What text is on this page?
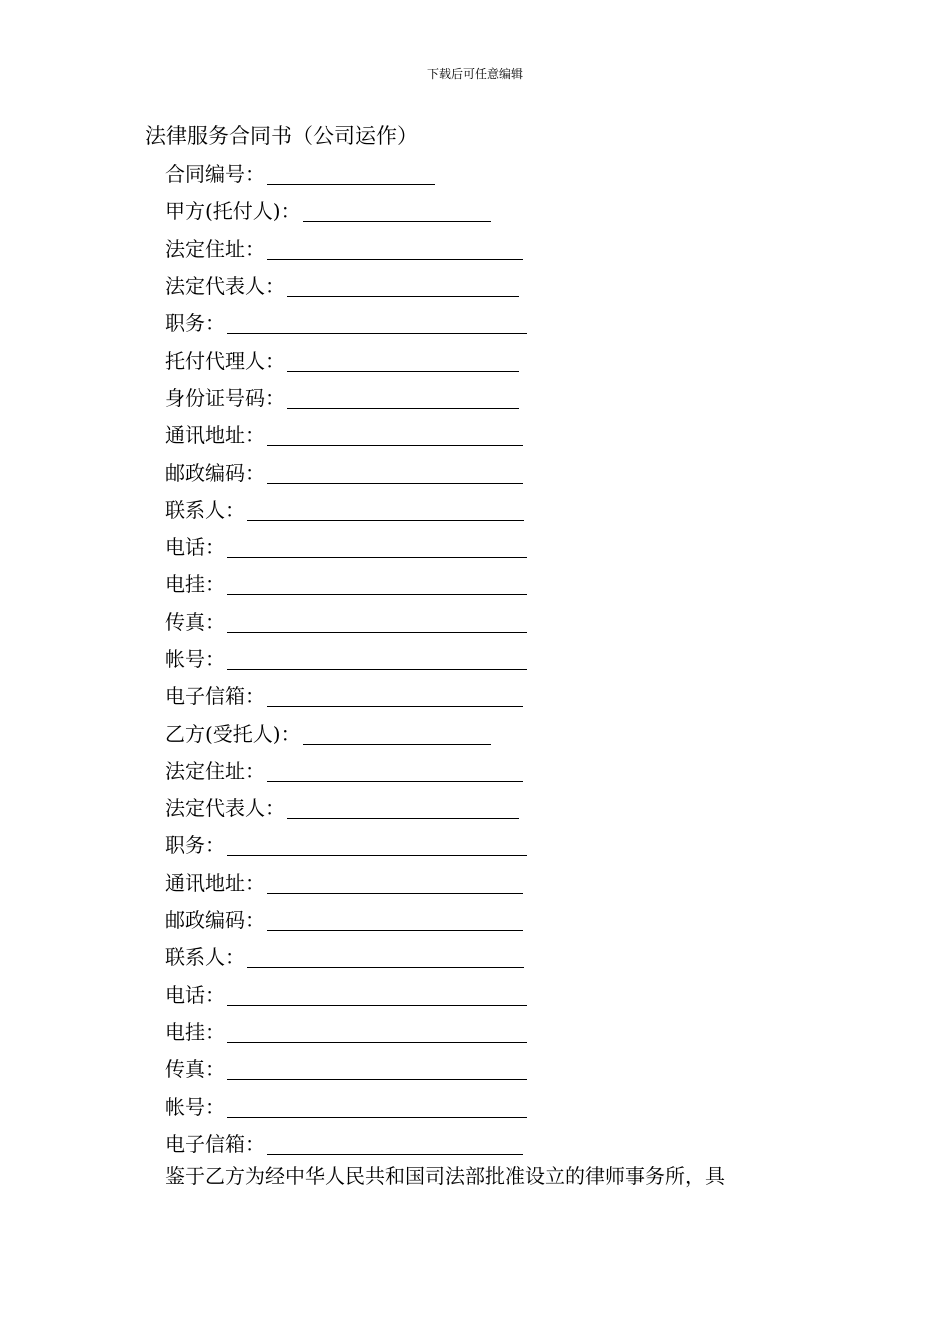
下载后可任意编辑
法律服务合同书（公司运作）
合同编号：
甲方(托付人)：
法定住址：
法定代表人：
职务：
托付代理人：
身份证号码：
通讯地址：
邮政编码：
联系人：
电话：
电挂：
传真：
帐号：
电子信箱：
乙方(受托人)：
法定住址：
法定代表人：
职务：
通讯地址：
邮政编码：
联系人：
电话：
电挂：
传真：
帐号：
电子信箱：
鉴于乙方为经中华人民共和国司法部批准设立的律师事务所，具
